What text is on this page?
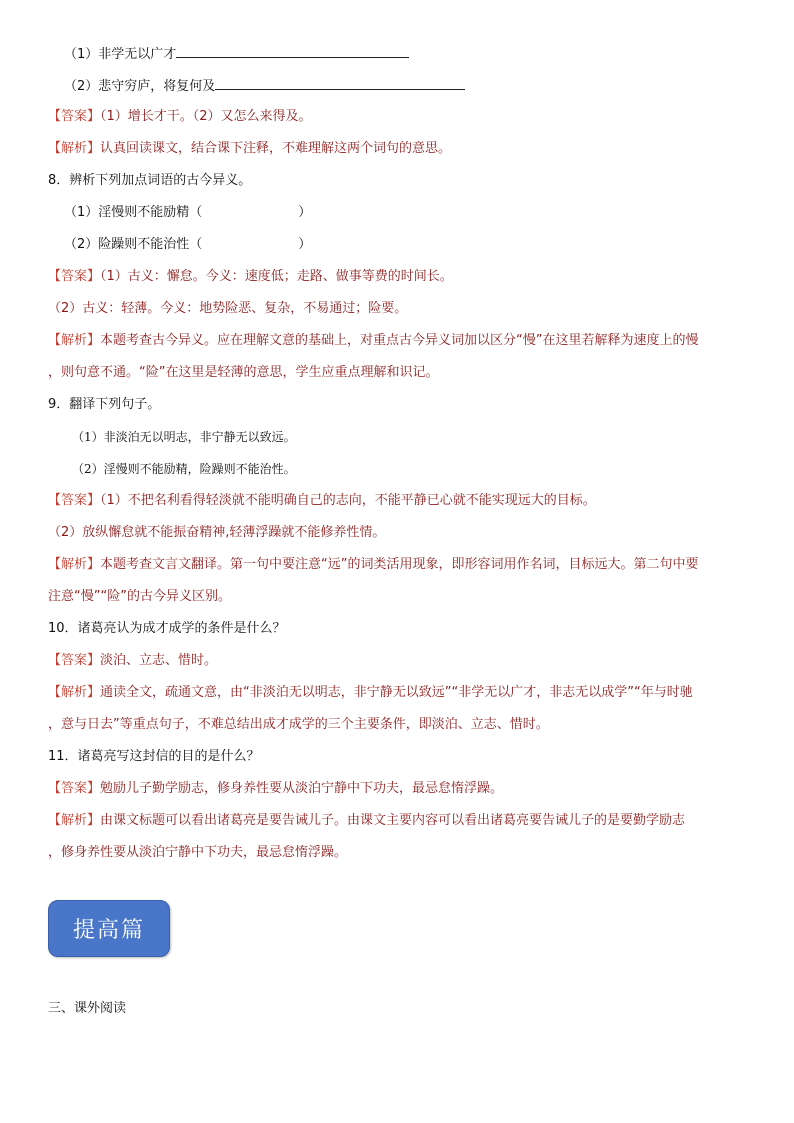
（1）非学无以广才
（2）悲守穷庐，将复何及
【答案】（1）增长才干。（2）又怎么来得及。
【解析】认真回读课文，结合课下注释，不难理解这两个词句的意思。
8．辨析下列加点词语的古今异义。
（1）淫慢则不能励精（	）
（2）险躁则不能治性（	）
【答案】（1）古义：懈怠。今义：速度低；走路、做事等费的时间长。
（2）古义：轻薄。今义：地势险恶、复杂，不易通过；险要。
【解析】本题考查古今异义。应在理解文意的基础上，对重点古今异义词加以区分“慢”在这里若解释为速度上的慢
，则句意不通。“险”在这里是轻薄的意思，学生应重点理解和识记。
9．翻译下列句子。
（1）非淡泊无以明志，非宁静无以致远。
（2）淫慢则不能励精，险躁则不能治性。
【答案】（1）不把名利看得轻淡就不能明确自己的志向，不能平静已心就不能实现远大的目标。
（2）放纵懈怠就不能振奋精神,轻薄浮躁就不能修养性情。
【解析】本题考查文言文翻译。第一句中要注意“远”的词类活用现象，即形容词用作名词，目标远大。第二句中要
注意“慢”“险”的古今异义区别。
10．诸葛亮认为成才成学的条件是什么？
【答案】淡泊、立志、惜时。
【解析】通读全文，疏通文意，由“非淡泊无以明志，非宁静无以致远”“非学无以广才，非志无以成学”“年与时驰
，意与日去”等重点句子，不难总结出成才成学的三个主要条件，即淡泊、立志、惜时。
11．诸葛亮写这封信的目的是什么？
【答案】勉励儿子勤学励志，修身养性要从淡泊宁静中下功夫，最忌怠惰浮躁。
【解析】由课文标题可以看出诸葛亮是要告诫儿子。由课文主要内容可以看出诸葛亮要告诫儿子的是要勤学励志
，修身养性要从淡泊宁静中下功夫，最忌怠惰浮躁。
提高篇
三、课外阅读
